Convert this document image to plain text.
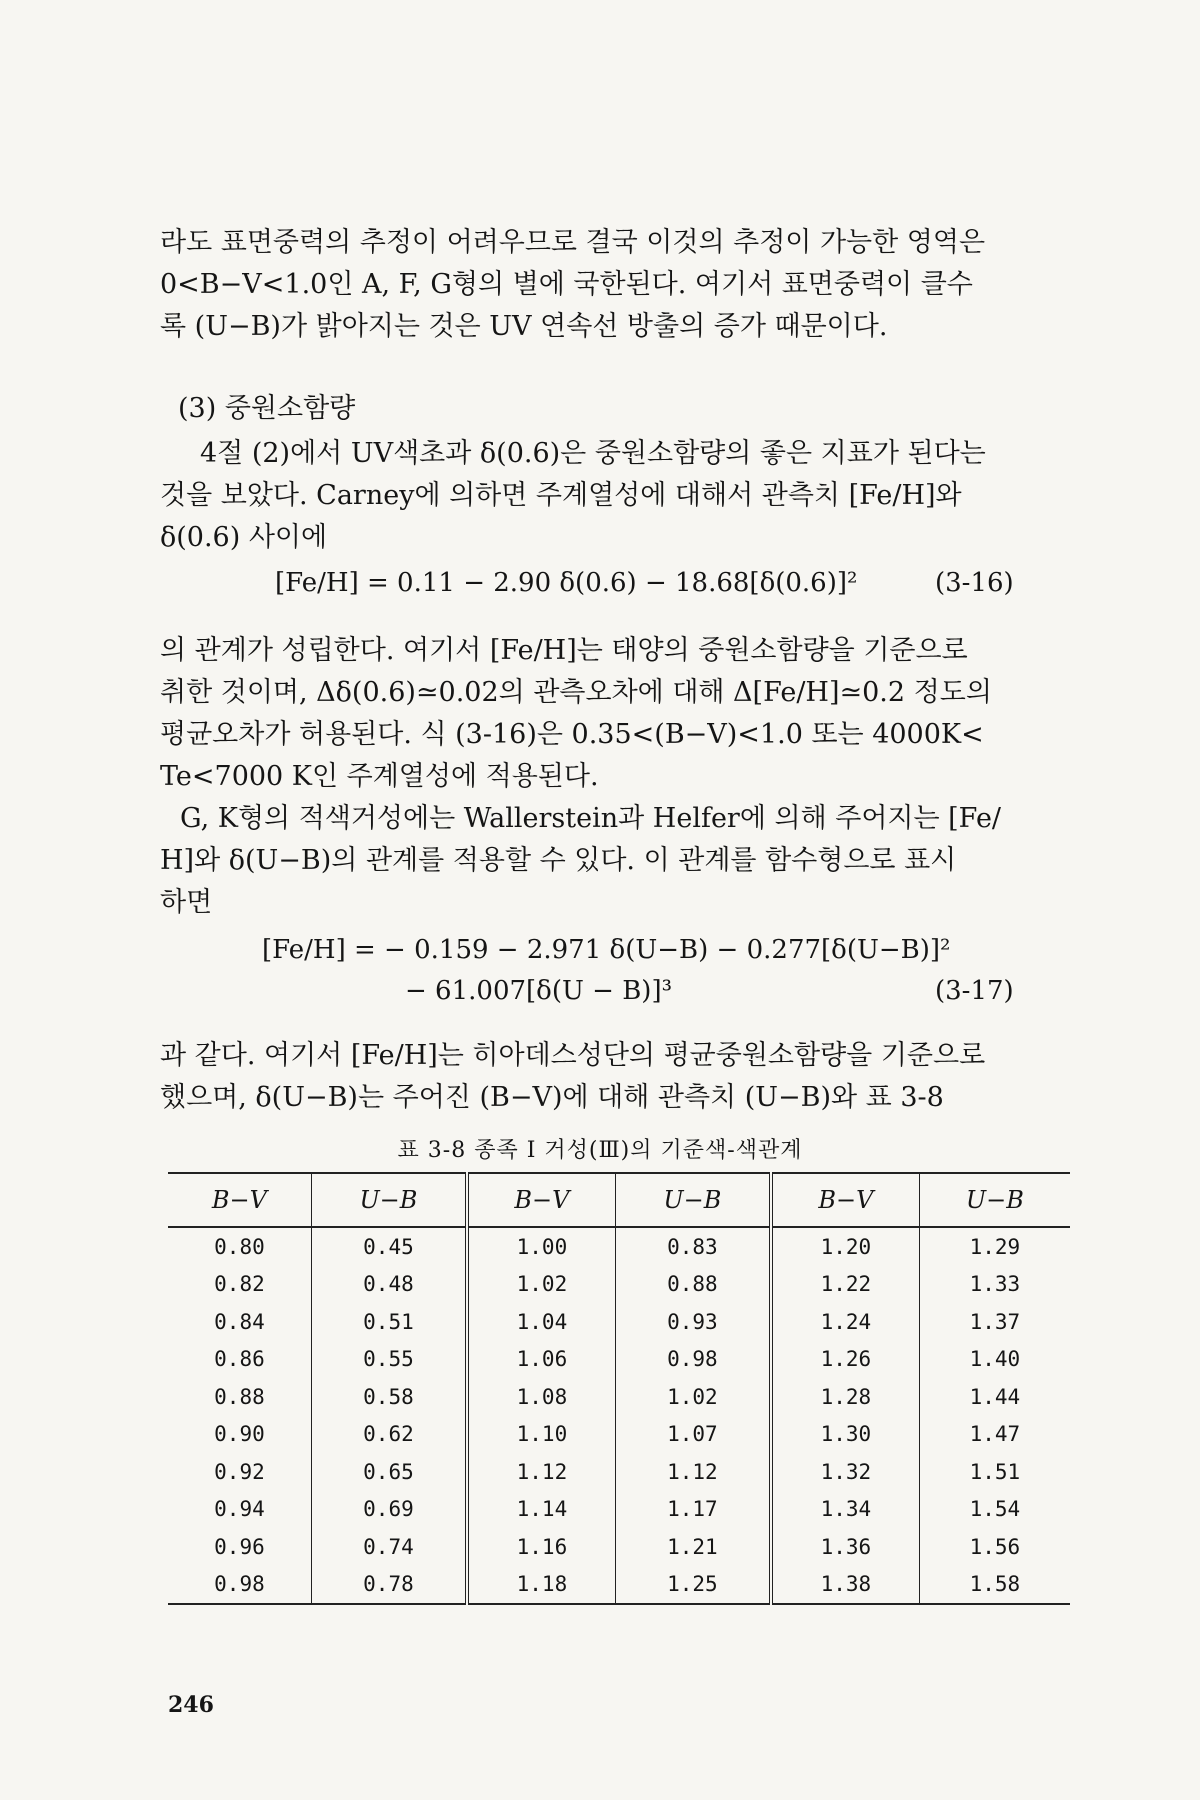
라도 표면중력의 추정이 어려우므로 결국 이것의 추정이 가능한 영역은

0<B−V<1.0인 A, F, G형의 별에 국한된다. 여기서 표면중력이 클수

록 (U−B)가 밝아지는 것은 UV 연속선 방출의 증가 때문이다.

(3) 중원소함량

4절 (2)에서 UV색초과 δ(0.6)은 중원소함량의 좋은 지표가 된다는

것을 보았다. Carney에 의하면 주계열성에 대해서 관측치 [Fe/H]와

δ(0.6) 사이에

[Fe/H] = 0.11 − 2.90 δ(0.6) − 18.68[δ(0.6)]²	(3-16)

의 관계가 성립한다. 여기서 [Fe/H]는 태양의 중원소함량을 기준으로

취한 것이며, Δδ(0.6)≃0.02의 관측오차에 대해 Δ[Fe/H]≃0.2 정도의

평균오차가 허용된다. 식 (3-16)은 0.35<(B−V)<1.0 또는 4000K<

Te<7000 K인 주계열성에 적용된다.

G, K형의 적색거성에는 Wallerstein과 Helfer에 의해 주어지는 [Fe/

H]와 δ(U−B)의 관계를 적용할 수 있다. 이 관계를 함수형으로 표시

하면

[Fe/H] = − 0.159 − 2.971 δ(U−B) − 0.277[δ(U−B)]²
− 61.007[δ(U − B)]³	(3-17)

과 같다. 여기서 [Fe/H]는 히아데스성단의 평균중원소함량을 기준으로

했으며, δ(U−B)는 주어진 (B−V)에 대해 관측치 (U−B)와 표 3-8

표 3-8 종족 Ⅰ 거성(Ⅲ)의 기준색-색관계
B−V	U−B	B−V	U−B	B−V	U−B
0.80	0.45	1.00	0.83	1.20	1.29
0.82	0.48	1.02	0.88	1.22	1.33
0.84	0.51	1.04	0.93	1.24	1.37
0.86	0.55	1.06	0.98	1.26	1.40
0.88	0.58	1.08	1.02	1.28	1.44
0.90	0.62	1.10	1.07	1.30	1.47
0.92	0.65	1.12	1.12	1.32	1.51
0.94	0.69	1.14	1.17	1.34	1.54
0.96	0.74	1.16	1.21	1.36	1.56
0.98	0.78	1.18	1.25	1.38	1.58
246
